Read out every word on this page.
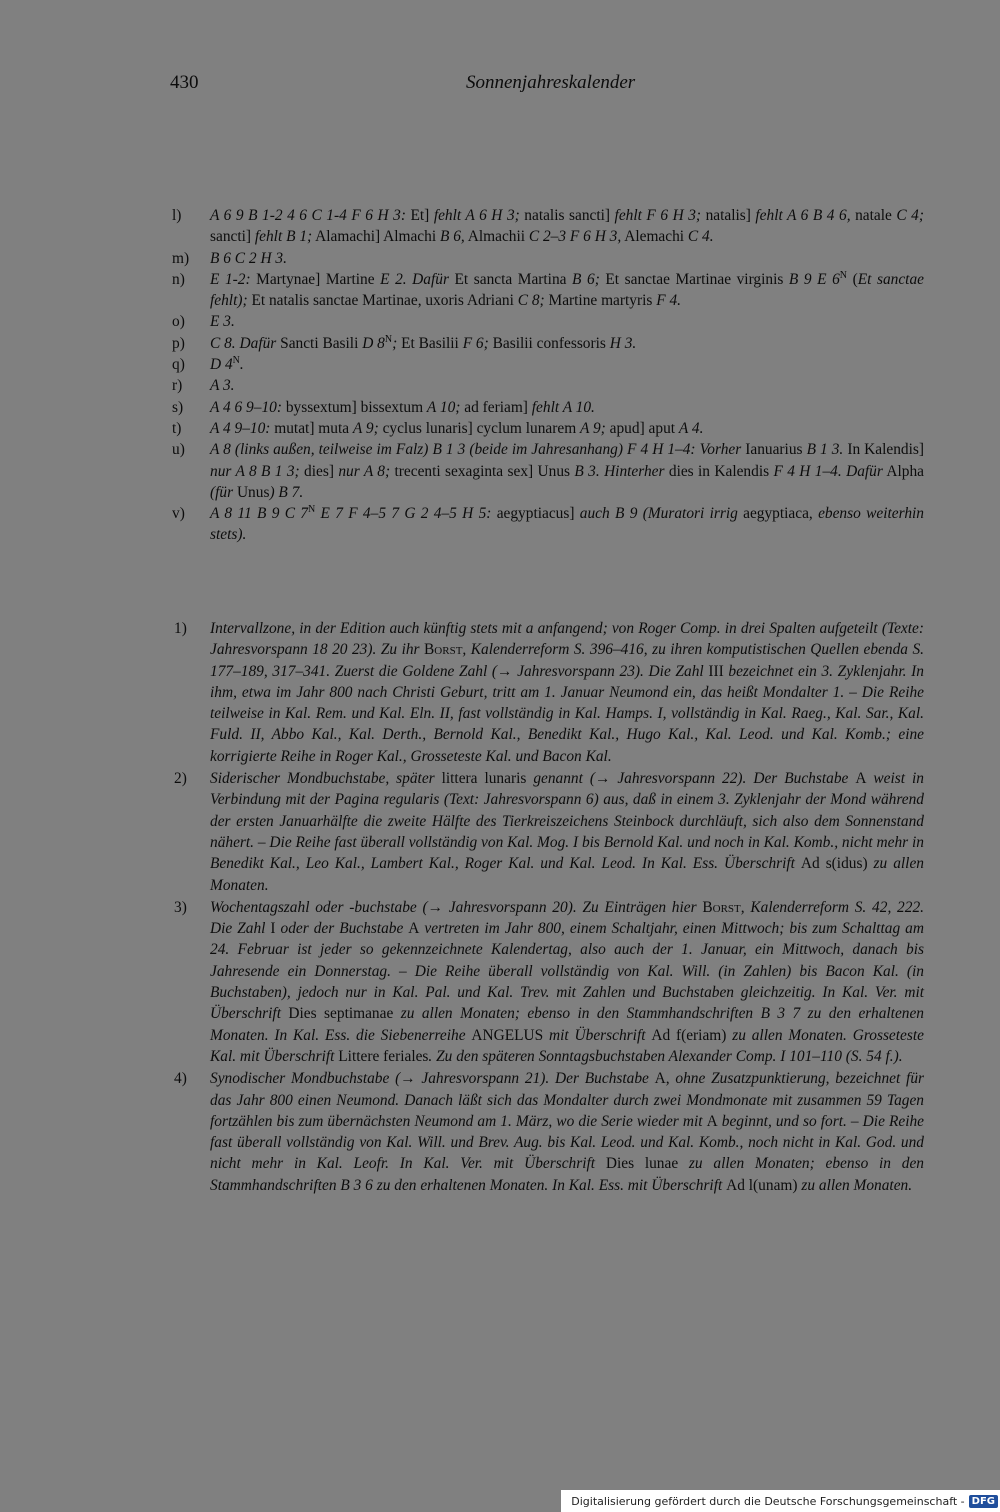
430	Sonnenjahreskalender
l) A 6 9 B 1-2 4 6 C 1-4 F 6 H 3: Et] fehlt A 6 H 3; natalis sancti] fehlt F 6 H 3; natalis] fehlt A 6 B 4 6, natale C 4; sancti] fehlt B 1; Alamachi] Almachi B 6, Almachii C 2–3 F 6 H 3, Alemachi C 4.
m) B 6 C 2 H 3.
n) E 1-2: Martynae] Martine E 2. Dafür Et sancta Martina B 6; Et sanctae Martinae virginis B 9 E $6^N$ (Et sanctae fehlt); Et natalis sanctae Martinae, uxoris Adriani C 8; Martine martyris F 4.
o) E 3.
p) C 8. Dafür Sancti Basili D $8^N$; Et Basilii F 6; Basilii confessoris H 3.
q) D $4^N$.
r) A 3.
s) A 4 6 9–10: byssextum] bissextum A 10; ad feriam] fehlt A 10.
t) A 4 9–10: mutat] muta A 9; cyclus lunaris] cyclum lunarem A 9; apud] aput A 4.
u) A 8 (links außen, teilweise im Falz) B 1 3 (beide im Jahresanhang) F 4 H 1–4: Vorher Ianuarius B 1 3. In Kalendis] nur A 8 B 1 3; dies] nur A 8; trecenti sexaginta sex] Unus B 3. Hinterher dies in Kalendis F 4 H 1–4. Dafür Alpha (für Unus) B 7.
v) A 8 11 B 9 C $7^N$ E 7 F 4–5 7 G 2 4–5 H 5: aegyptiacus] auch B 9 (Muratori irrig aegyptiaca, ebenso weiterhin stets).
1) Intervallzone, in der Edition auch künftig stets mit a anfangend; von Roger Comp. in drei Spalten aufgeteilt (Texte: Jahresvorspann 18 20 23). Zu ihr Borst, Kalenderreform S. 396–416, zu ihren komputistischen Quellen ebenda S. 177–189, 317–341. Zuerst die Goldene Zahl (→ Jahresvorspann 23). Die Zahl III bezeichnet ein 3. Zyklenjahr. In ihm, etwa im Jahr 800 nach Christi Geburt, tritt am 1. Januar Neumond ein, das heißt Mondalter 1. – Die Reihe teilweise in Kal. Rem. und Kal. Eln. II, fast vollständig in Kal. Hamps. I, vollständig in Kal. Raeg., Kal. Sar., Kal. Fuld. II, Abbo Kal., Kal. Derth., Bernold Kal., Benedikt Kal., Hugo Kal., Kal. Leod. und Kal. Komb.; eine korrigierte Reihe in Roger Kal., Grosseteste Kal. und Bacon Kal.
2) Siderischer Mondbuchstabe, später littera lunaris genannt (→ Jahresvorspann 22). Der Buchstabe A weist in Verbindung mit der Pagina regularis (Text: Jahresvorspann 6) aus, daß in einem 3. Zyklenjahr der Mond während der ersten Januarhälfte die zweite Hälfte des Tierkreiszeichens Steinbock durchläuft, sich also dem Sonnenstand nähert. – Die Reihe fast überall vollständig von Kal. Mog. I bis Bernold Kal. und noch in Kal. Komb., nicht mehr in Benedikt Kal., Leo Kal., Lambert Kal., Roger Kal. und Kal. Leod. In Kal. Ess. Überschrift Ad s(idus) zu allen Monaten.
3) Wochentagszahl oder -buchstabe (→ Jahresvorspann 20). Zu Einträgen hier Borst, Kalenderreform S. 42, 222. Die Zahl I oder der Buchstabe A vertreten im Jahr 800, einem Schaltjahr, einen Mittwoch; bis zum Schalttag am 24. Februar ist jeder so gekennzeichnete Kalendertag, also auch der 1. Januar, ein Mittwoch, danach bis Jahresende ein Donnerstag. – Die Reihe überall vollständig von Kal. Will. (in Zahlen) bis Bacon Kal. (in Buchstaben), jedoch nur in Kal. Pal. und Kal. Trev. mit Zahlen und Buchstaben gleichzeitig. In Kal. Ver. mit Überschrift Dies septimanae zu allen Monaten; ebenso in den Stammhandschriften B 3 7 zu den erhaltenen Monaten. In Kal. Ess. die Siebenerreihe ANGELUS mit Überschrift Ad f(eriam) zu allen Monaten. Grosseteste Kal. mit Überschrift Littere feriales. Zu den späteren Sonntagsbuchstaben Alexander Comp. I 101–110 (S. 54 f.).
4) Synodischer Mondbuchstabe (→ Jahresvorspann 21). Der Buchstabe A, ohne Zusatzpunktierung, bezeichnet für das Jahr 800 einen Neumond. Danach läßt sich das Mondalter durch zwei Mondmonate mit zusammen 59 Tagen fortzählen bis zum übernächsten Neumond am 1. März, wo die Serie wieder mit A beginnt, und so fort. – Die Reihe fast überall vollständig von Kal. Will. und Brev. Aug. bis Kal. Leod. und Kal. Komb., noch nicht in Kal. God. und nicht mehr in Kal. Leofr. In Kal. Ver. mit Überschrift Dies lunae zu allen Monaten; ebenso in den Stammhandschriften B 3 6 zu den erhaltenen Monaten. In Kal. Ess. mit Überschrift Ad l(unam) zu allen Monaten.
Digitalisierung gefördert durch die Deutsche Forschungsgemeinschaft - DFG
